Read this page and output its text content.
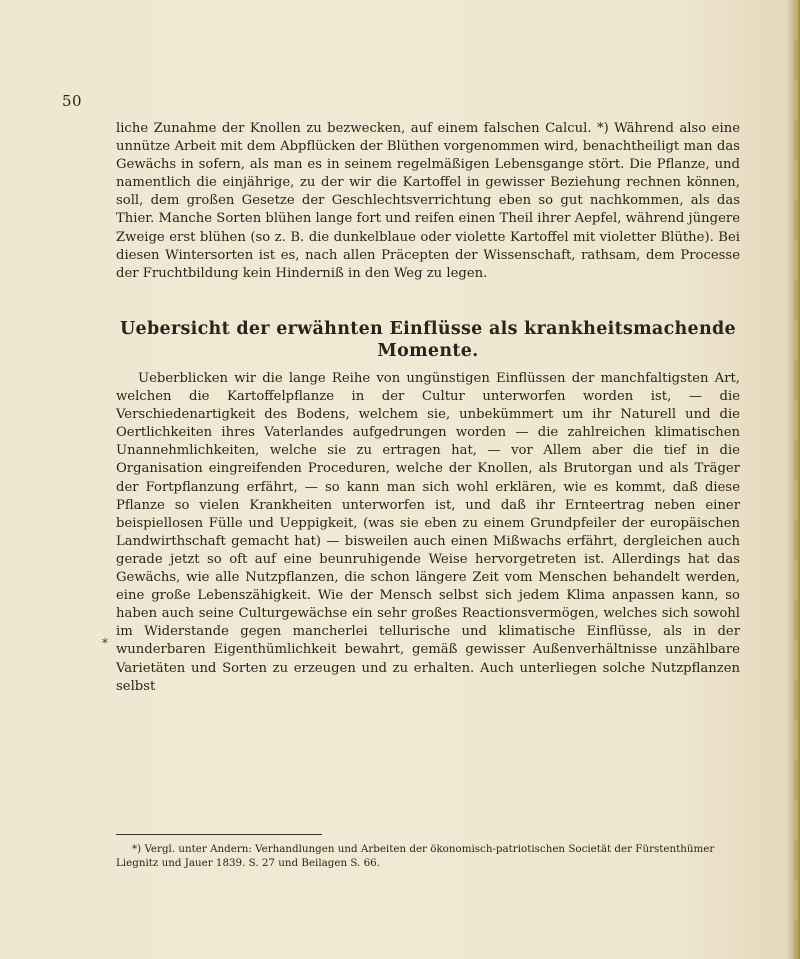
50
liche Zunahme der Knollen zu bezwecken, auf einem falschen Calcul. *) Während also eine unnütze Arbeit mit dem Abpflücken der Blüthen vorgenommen wird, benachtheiligt man das Gewächs in sofern, als man es in seinem regelmäßigen Lebensgange stört. Die Pflanze, und namentlich die einjährige, zu der wir die Kartoffel in gewisser Beziehung rechnen können, soll, dem großen Gesetze der Geschlechtsverrichtung eben so gut nachkommen, als das Thier. Manche Sorten blühen lange fort und reifen einen Theil ihrer Aepfel, während jüngere Zweige erst blühen (so z. B. die dunkelblaue oder violette Kartoffel mit violetter Blüthe). Bei diesen Wintersorten ist es, nach allen Präcepten der Wissenschaft, rathsam, dem Processe der Fruchtbildung kein Hinderniß in den Weg zu legen.
Uebersicht der erwähnten Einflüsse als krankheitsmachende
Momente.
Ueberblicken wir die lange Reihe von ungünstigen Einflüssen der manchfaltigsten Art, welchen die Kartoffelpflanze in der Cultur unterworfen worden ist, — die Verschiedenartigkeit des Bodens, welchem sie, unbekümmert um ihr Naturell und die Oertlichkeiten ihres Vaterlandes aufgedrungen worden — die zahlreichen klimatischen Unannehmlichkeiten, welche sie zu ertragen hat, — vor Allem aber die tief in die Organisation eingreifenden Proceduren, welche der Knollen, als Brutorgan und als Träger der Fortpflanzung erfährt, — so kann man sich wohl erklären, wie es kommt, daß diese Pflanze so vielen Krankheiten unterworfen ist, und daß ihr Ernteertrag neben einer beispiellosen Fülle und Ueppigkeit, (was sie eben zu einem Grundpfeiler der europäischen Landwirthschaft gemacht hat) — bisweilen auch einen Mißwachs erfährt, dergleichen auch gerade jetzt so oft auf eine beunruhigende Weise hervorgetreten ist. Allerdings hat das Gewächs, wie alle Nutzpflanzen, die schon längere Zeit vom Menschen behandelt werden, eine große Lebenszähigkeit. Wie der Mensch selbst sich jedem Klima anpassen kann, so haben auch seine Culturgewächse ein sehr großes Reactionsvermögen, welches sich sowohl im Widerstande gegen mancherlei tellurische und klimatische Einflüsse, als in der wunderbaren Eigenthümlichkeit bewahrt, gemäß gewisser Außenverhältnisse unzählbare Varietäten und Sorten zu erzeugen und zu erhalten. Auch unterliegen solche Nutzpflanzen selbst
*
*) Vergl. unter Andern: Verhandlungen und Arbeiten der ökonomisch-patriotischen Societät der Fürstenthümer Liegnitz und Jauer 1839. S. 27 und Beilagen S. 66.
